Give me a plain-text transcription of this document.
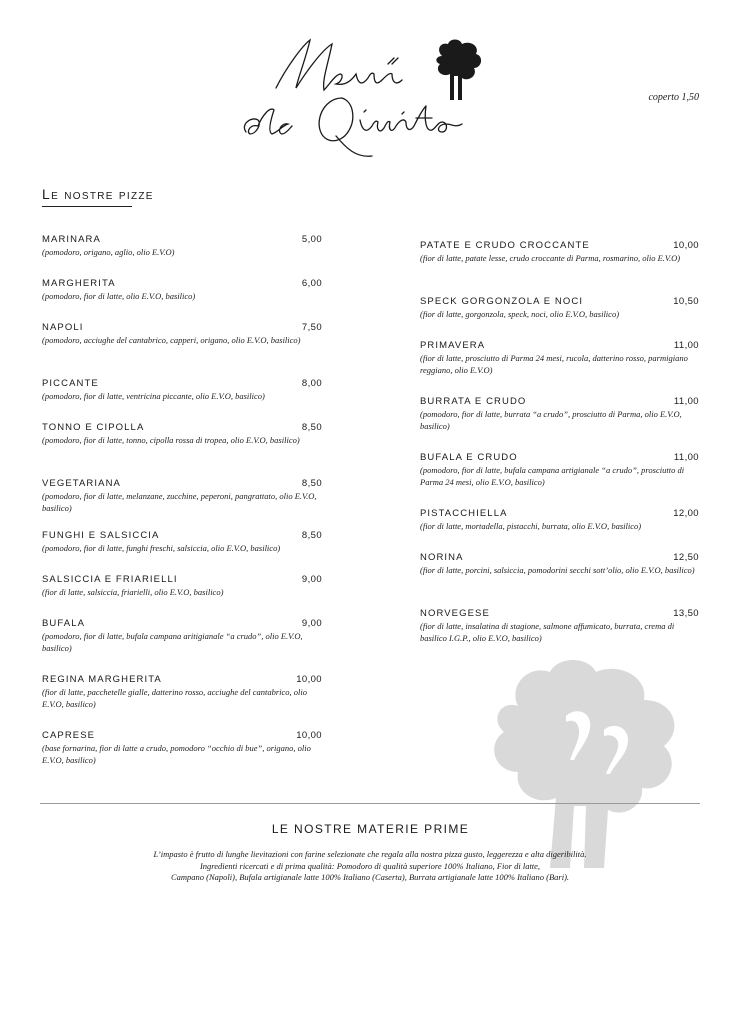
coperto 1,50
Le nostre pizze
MARINARA	5,00
(pomodoro, origano, aglio, olio E.V.O)
MARGHERITA	6,00
(pomodoro, fior di latte, olio E.V.O, basilico)
NAPOLI	7,50
(pomodoro, acciughe del cantabrico, capperi, origano, olio E.V.O, basilico)
PICCANTE	8,00
(pomodoro, fior di latte, ventricina piccante, olio E.V.O, basilico)
TONNO E CIPOLLA	8,50
(pomodoro, fior di latte, tonno, cipolla rossa di tropea, olio E.V.O, basilico)
VEGETARIANA	8,50
(pomodoro, fior di latte, melanzane, zucchine, peperoni, pangrattato, olio E.V.O, basilico)
FUNGHI E SALSICCIA	8,50
(pomodoro, fior di latte, funghi freschi, salsiccia, olio E.V.O, basilico)
SALSICCIA E FRIARIELLI	9,00
(fior di latte, salsiccia, friarielli, olio E.V.O, basilico)
BUFALA	9,00
(pomodoro, fior di latte, bufala campana aritigianale “a crudo”, olio E.V.O, basilico)
REGINA MARGHERITA	10,00
(fior di latte, pacchetelle gialle, datterino rosso, acciughe del cantabrico, olio E.V.O, basilico)
CAPRESE	10,00
(base fornarina, fior di latte a crudo, pomodoro “occhio di bue”, origano, olio E.V.O, basilico)
PATATE E CRUDO CROCCANTE	10,00
(fior di latte, patate lesse, crudo croccante di Parma, rosmarino, olio E.V.O)
SPECK GORGONZOLA E NOCI	10,50
(fior di latte, gorgonzola, speck, noci, olio E.V.O, basilico)
PRIMAVERA	11,00
(fior di latte, prosciutto di Parma 24 mesi, rucola, datterino rosso, parmigiano reggiano, olio E.V.O)
BURRATA E CRUDO	11,00
(pomodoro, fior di latte, burrata “a crudo”, prosciutto di Parma, olio E.V.O, basilico)
BUFALA E CRUDO	11,00
(pomodoro, fior di latte, bufala campana artigianale “a crudo”, prosciutto di Parma 24 mesi, olio E.V.O, basilico)
PISTACCHIELLA	12,00
(fior di latte, mortadella, pistacchi, burrata, olio E.V.O, basilico)
NORINA	12,50
(fior di latte, porcini, salsiccia, pomodorini secchi sott’olio, olio E.V.O, basilico)
NORVEGESE	13,50
(fior di latte, insalatina di stagione, salmone affumicato, burrata, crema di basilico I.G.P., olio E.V.O, basilico)
LE NOSTRE MATERIE PRIME
L’impasto è frutto di lunghe lievitazioni con farine selezionate che regala alla nostra pizza gusto, leggerezza e alta digeribilità.
Ingredienti ricercati e di prima qualità: Pomodoro di qualità superiore 100% Italiano, Fior di latte,
Campano (Napoli), Bufala artigianale latte 100% Italiano (Caserta), Burrata artigianale latte 100% Italiano (Bari).
